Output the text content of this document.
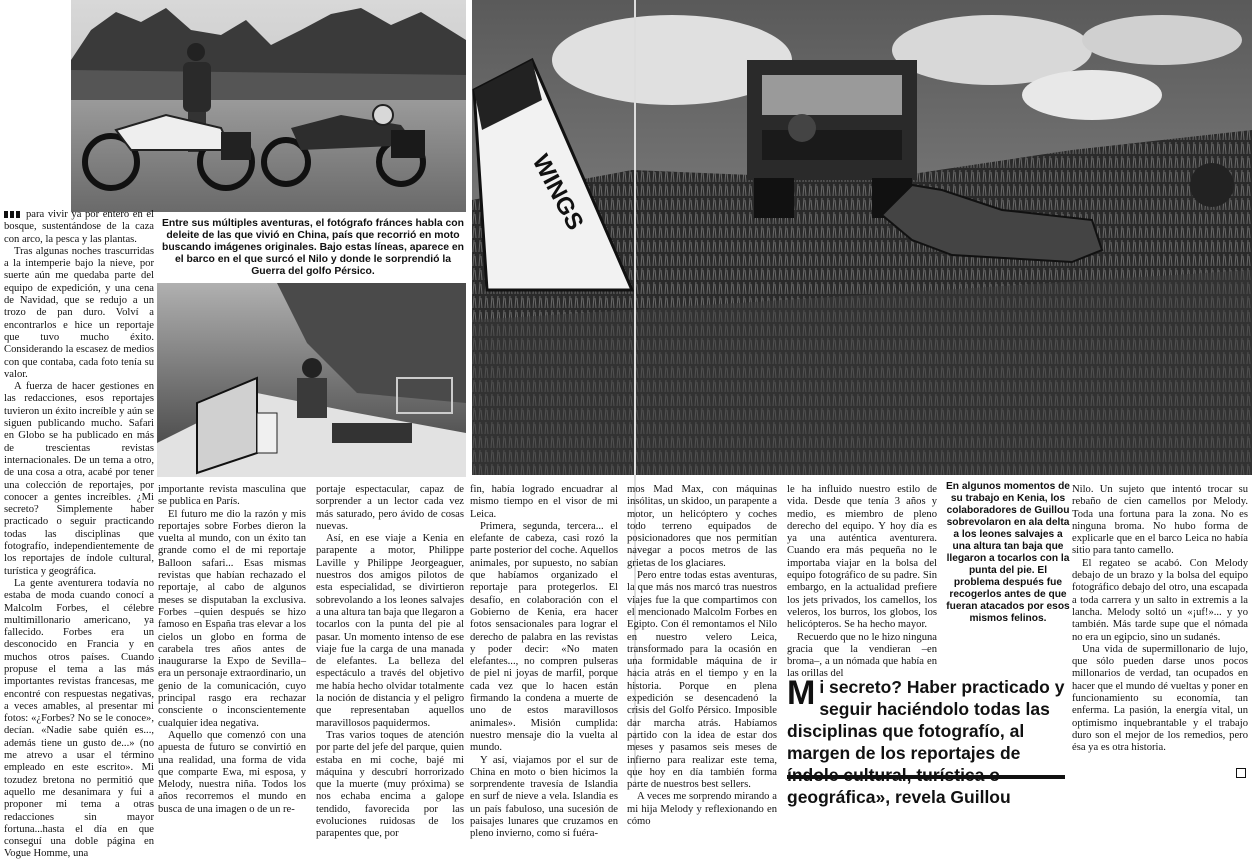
WINGS
Entre sus múltiples aventuras, el fotógrafo fránces habla con deleite de las que vivió en China, país que recorrió en moto buscando imágenes originales. Bajo estas líneas, aparece en el barco en el que surcó el Nilo y donde le sorprendió la Guerra del golfo Pérsico.
En algunos momentos de su trabajo en Kenia, los colaboradores de Guillou sobrevolaron en ala delta a los leones salvajes a una altura tan baja que llegaron a tocarlos con la punta del pie. El problema después fue recogerlos antes de que fueran atacados por esos mismos felinos.
Mi secreto? Haber practicado y seguir haciéndolo todas las disciplinas que fotografío, al margen de los reportajes de geográfica», revela Guillou

para vivir ya por entero en el bosque, sustentándose de la caza con arco, la pesca y las plantas.

Tras algunas noches trascurridas a la intemperie bajo la nieve, por suerte aún me quedaba parte del equipo de expedición, y una cena de Navidad, que se redujo a un trozo de pan duro. Volví a encontrarlos e hice un reportaje que tuvo mucho éxito. Considerando la escasez de medios con que contaba, cada foto tenía su valor.

A fuerza de hacer gestiones en las redacciones, esos reportajes tuvieron un éxito increíble y aún se siguen publicando mucho. Safari en Globo se ha publicado en más de trescientas revistas internacionales. De un tema a otro, de una cosa a otra, acabé por tener una colección de reportajes, por conocer a gentes increíbles. ¿Mi secreto? Simplemente haber practicado o seguir practicando todas las disciplinas que fotografío, independientemente de los reportajes de índole cultural, turística y geográfica.

La gente aventurera todavía no estaba de moda cuando conocí a Malcolm Forbes, el célebre multimillonario americano, ya fallecido. Forbes era un desconocido en Francia y en muchos otros países. Cuando propuse el tema a las más importantes revistas francesas, me encontré con respuestas negativas, a veces amables, al presentar mi fotos: «¿Forbes? No se le conoce», decían. «Nadie sabe quién es..., además tiene un gusto de...» (no me atrevo a usar el término empleado en este escrito». Mi tozudez bretona no permitió que aquello me desanimara y fui a proponer mi tema a otras redacciones sin mayor fortuna...hasta el día en que conseguí una doble página en Vogue Homme, una

importante revista masculina que se publica en París.

El futuro me dio la razón y mis reportajes sobre Forbes dieron la vuelta al mundo, con un éxito tan grande como el de mi reportaje Balloon safari... Esas mismas revistas que habían rechazado el reportaje, al cabo de algunos meses se disputaban la exclusiva. Forbes –quien después se hizo famoso en España tras elevar a los cielos un globo en forma de carabela tres años antes de inaugurarse la Expo de Sevilla– era un personaje extraordinario, un genio de la comunicación, cuyo principal rasgo era rechazar consciente o inconscientemente cualquier idea negativa.

Aquello que comenzó con una apuesta de futuro se convirtió en una realidad, una forma de vida que comparte Ewa, mi esposa, y Melody, nuestra niña. Todos los años recorremos el mundo en busca de una imagen o de un re-

portaje espectacular, capaz de sorprender a un lector cada vez más saturado, pero ávido de cosas nuevas.

Así, en ese viaje a Kenia en parapente a motor, Philippe Laville y Philippe Jeorgeaguer, nuestros dos amigos pilotos de esta especialidad, se divirtieron sobrevolando a los leones salvajes a una altura tan baja que llegaron a tocarlos con la punta del pie al pasar. Un momento intenso de ese viaje fue la carga de una manada de elefantes. La belleza del espectáculo a través del objetivo me había hecho olvidar totalmente la noción de distancia y el peligro que representaban aquellos maravillosos paquidermos.

Tras varios toques de atención por parte del jefe del parque, quien estaba en mi coche, bajé mi máquina y descubrí horrorizado que la muerte (muy próxima) se nos echaba encima a galope tendido, favorecida por las evoluciones ruidosas de los parapentes que, por

fin, había logrado encuadrar al mismo tiempo en el visor de mi Leica.

Primera, segunda, tercera... el elefante de cabeza, casi rozó la parte posterior del coche. Aquellos animales, por supuesto, no sabían que habíamos organizado el reportaje para protegerlos. El desafío, en colaboración con el Gobierno de Kenia, era hacer fotos sensacionales para lograr el derecho de palabra en las revistas y poder decir: «No maten elefantes..., no compren pulseras de piel ni joyas de marfil, porque cada vez que lo hacen están firmando la condena a muerte de uno de estos maravillosos animales». Misión cumplida: nuestro mensaje dio la vuelta al mundo.

Y así, viajamos por el sur de China en moto o bien hicimos la sorprendente travesía de Islandia en surf de nieve a vela. Islandia es un país fabuloso, una sucesión de paisajes lunares que cruzamos en pleno invierno, como si fuéra-

mos Mad Max, con máquinas insólitas, un skidoo, un parapente a motor, un helicóptero y coches todo terreno equipados de posicionadores que nos permitían navegar a pocos metros de las grietas de los glaciares.

Pero entre todas estas aventuras, la que más nos marcó tras nuestros viajes fue la que compartimos con el mencionado Malcolm Forbes en Egipto. Con él remontamos el Nilo en nuestro velero Leica, transformado para la ocasión en una formidable máquina de ir hacia atrás en el tiempo y en la historia. Porque en plena expedición se desencadenó la crisis del Golfo Pérsico. Imposible dar marcha atrás. Habíamos partido con la idea de estar dos meses y pasamos seis meses de infierno para realizar este tema, que hoy en día también forma parte de nuestros best sellers.

A veces me sorprendo mirando a mi hija Melody y reflexionando en cómo

le ha influido nuestro estilo de vida. Desde que tenía 3 años y medio, es miembro de pleno derecho del equipo. Y hoy día es ya una auténtica aventurera. Cuando era más pequeña no le importaba viajar en la bolsa del equipo fotográfico de su padre. Sin embargo, en la actualidad prefiere los jets privados, los camellos, los veleros, los burros, los globos, los helicópteros. Se ha hecho mayor.

Recuerdo que no le hizo ninguna gracia que la vendieran –en broma–, a un nómada que había en las orillas del

Nilo. Un sujeto que intentó trocar su rebaño de cien camellos por Melody. Toda una fortuna para la zona. No es ninguna broma. No hubo forma de explicarle que en el barco Leica no había sitio para tanto camello.

El regateo se acabó. Con Melody debajo de un brazo y la bolsa del equipo fotográfico debajo del otro, una escapada a toda carrera y un salto in extremis a la lancha. Melody soltó un «¡uf!»... y yo también. Más tarde supe que el nómada no era un egipcio, sino un sudanés.

Una vida de supermillonario de lujo, que sólo pueden darse unos pocos millonarios de verdad, tan ocupados en hacer que el mundo dé vueltas y poner en funcionamiento su economía, tan enferma. La pasión, la energía vital, un optimismo inquebrantable y el trabajo duro son el mejor de los remedios, pero ésa ya es otra historia.
